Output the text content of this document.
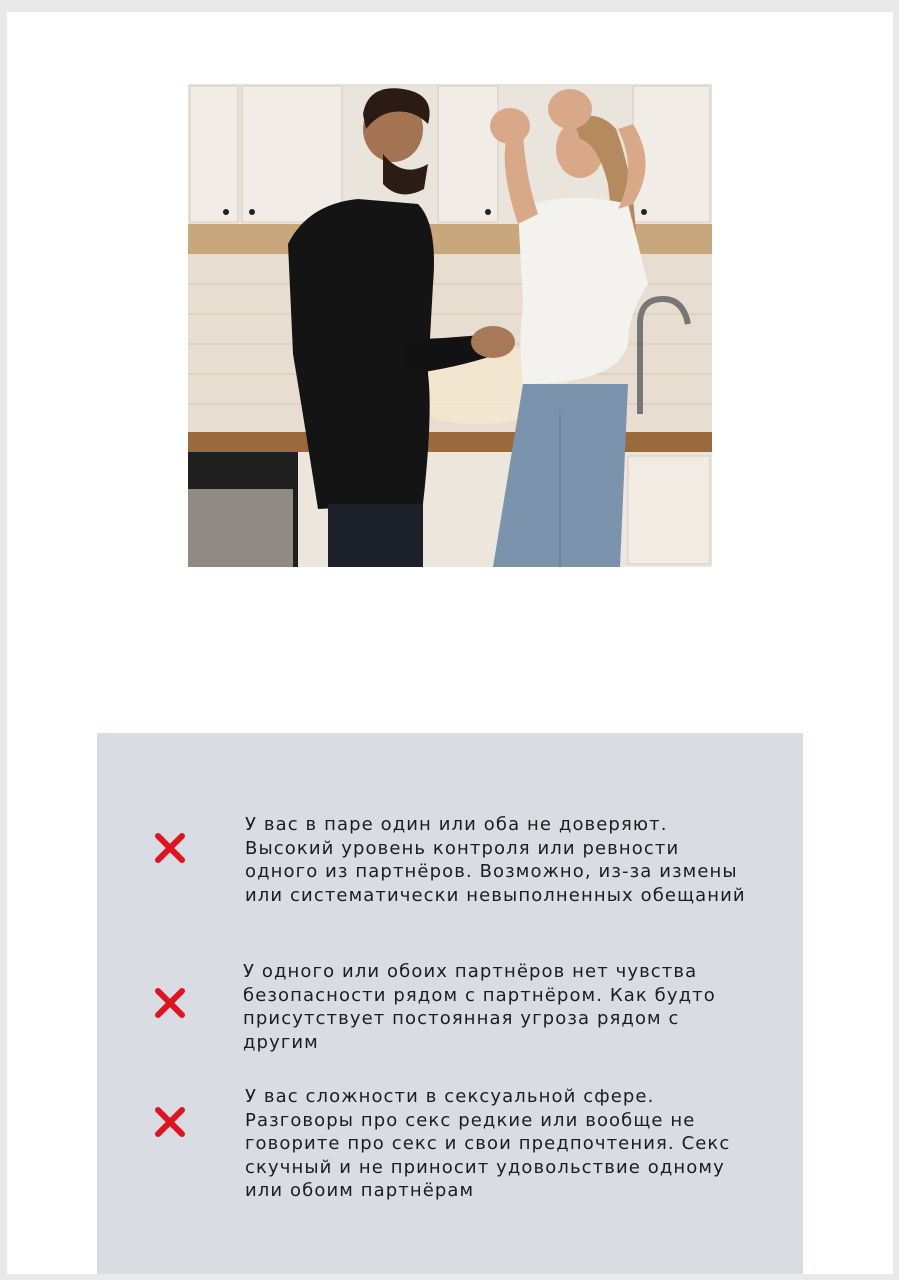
У вас в паре один или оба не доверяют. Высокий уровень контроля или ревности одного из партнёров. Возможно, из-за измены или систематически невыполненных обещаний
У одного или обоих партнёров нет чувства безопасности рядом с партнёром. Как будто присутствует постоянная угроза рядом с другим
У вас сложности в сексуальной сфере. Разговоры про секс редкие или вообще не говорите про секс и свои предпочтения. Секс скучный и не приносит удовольствие одному или обоим партнёрам
